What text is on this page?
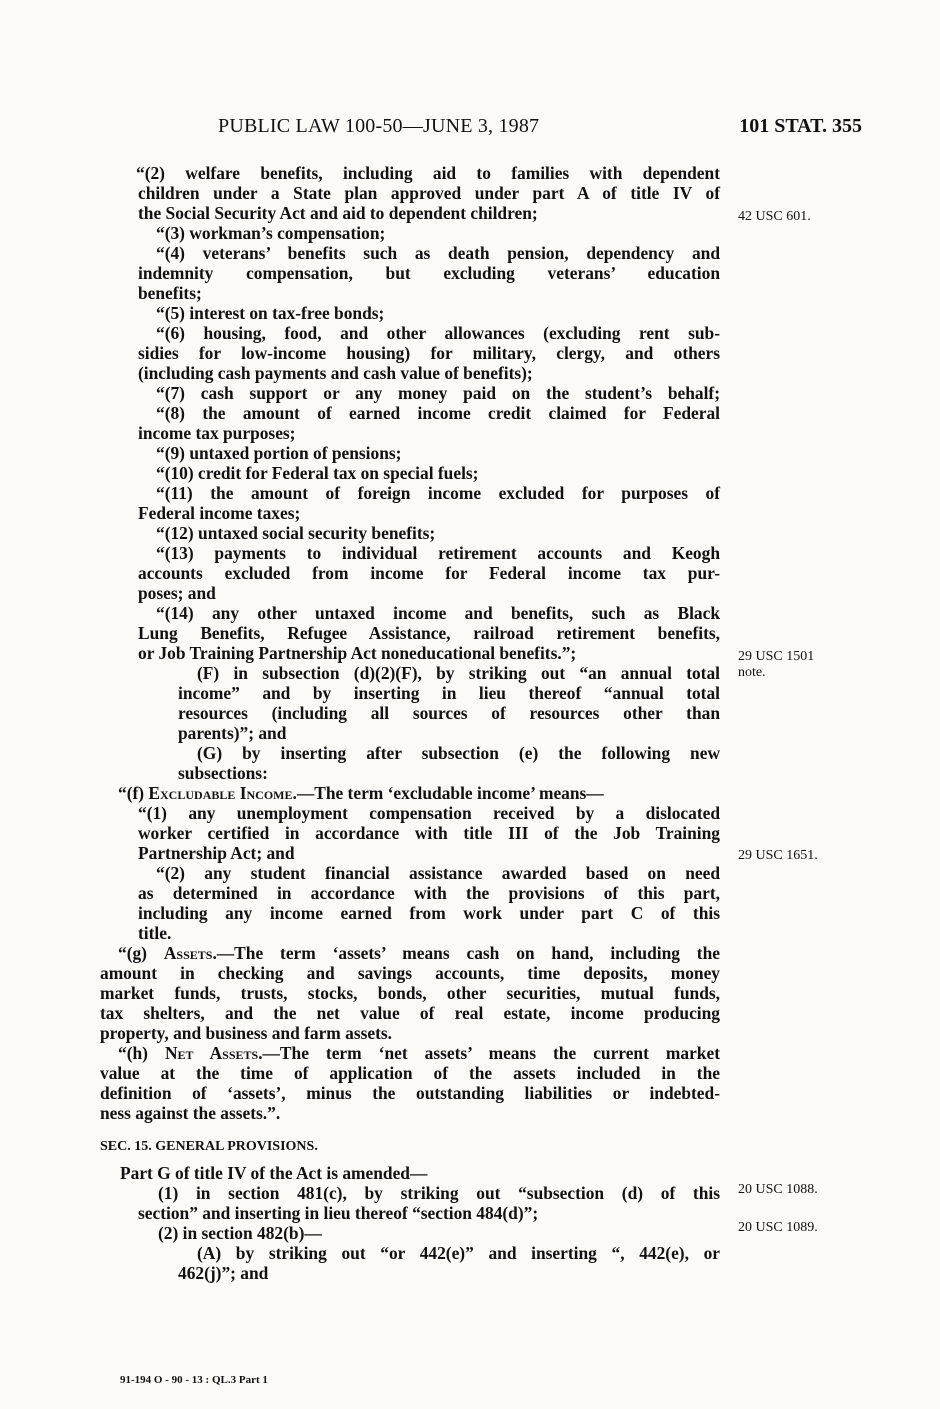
PUBLIC LAW 100-50—JUNE 3, 1987	101 STAT. 355
“(2) welfare benefits, including aid to families with dependent
children under a State plan approved under part A of title IV of
the Social Security Act and aid to dependent children;
“(3) workman’s compensation;
“(4) veterans’ benefits such as death pension, dependency and
indemnity compensation, but excluding veterans’ education
benefits;
“(5) interest on tax-free bonds;
“(6) housing, food, and other allowances (excluding rent sub-
sidies for low-income housing) for military, clergy, and others
(including cash payments and cash value of benefits);
“(7) cash support or any money paid on the student’s behalf;
“(8) the amount of earned income credit claimed for Federal
income tax purposes;
“(9) untaxed portion of pensions;
“(10) credit for Federal tax on special fuels;
“(11) the amount of foreign income excluded for purposes of
Federal income taxes;
“(12) untaxed social security benefits;
“(13) payments to individual retirement accounts and Keogh
accounts excluded from income for Federal income tax pur-
poses; and
“(14) any other untaxed income and benefits, such as Black
Lung Benefits, Refugee Assistance, railroad retirement benefits,
or Job Training Partnership Act noneducational benefits.”;
(F) in subsection (d)(2)(F), by striking out “an annual total
income” and by inserting in lieu thereof “annual total
resources (including all sources of resources other than
parents)”; and
(G) by inserting after subsection (e) the following new
subsections:
“(f) Excludable Income.—The term ‘excludable income’ means—
“(1) any unemployment compensation received by a dislocated
worker certified in accordance with title III of the Job Training
Partnership Act; and
“(2) any student financial assistance awarded based on need
as determined in accordance with the provisions of this part,
including any income earned from work under part C of this
title.
“(g) Assets.—The term ‘assets’ means cash on hand, including the
amount in checking and savings accounts, time deposits, money
market funds, trusts, stocks, bonds, other securities, mutual funds,
tax shelters, and the net value of real estate, income producing
property, and business and farm assets.
“(h) Net Assets.—The term ‘net assets’ means the current market
value at the time of application of the assets included in the
definition of ‘assets’, minus the outstanding liabilities or indebted-
ness against the assets.”.
SEC. 15. GENERAL PROVISIONS.
Part G of title IV of the Act is amended—
(1) in section 481(c), by striking out “subsection (d) of this
section” and inserting in lieu thereof “section 484(d)”;
(2) in section 482(b)—
(A) by striking out “or 442(e)” and inserting “, 442(e), or
462(j)”; and
42 USC 601.
29 USC 1501
note.
29 USC 1651.
20 USC 1088.
20 USC 1089.
91-194 O - 90 - 13 : QL.3 Part 1
